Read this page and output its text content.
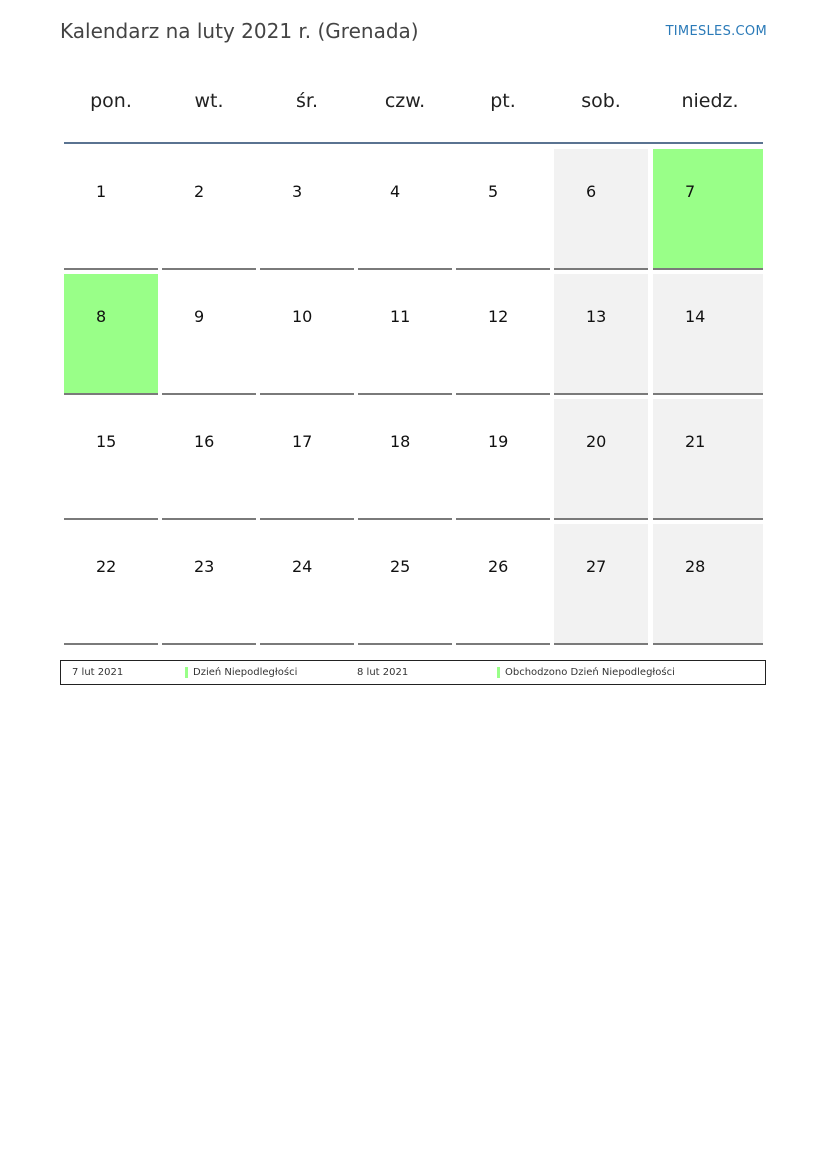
Kalendarz na luty 2021 r. (Grenada)	TIMESLES.COM
pon.	wt.	śr.	czw.	pt.	sob.	niedz.
1	2	3	4	5	6	7
8	9	10	11	12	13	14
15	16	17	18	19	20	21
22	23	24	25	26	27	28
7 lut 2021	Dzień Niepodległości	8 lut 2021	Obchodzono Dzień Niepodległości
